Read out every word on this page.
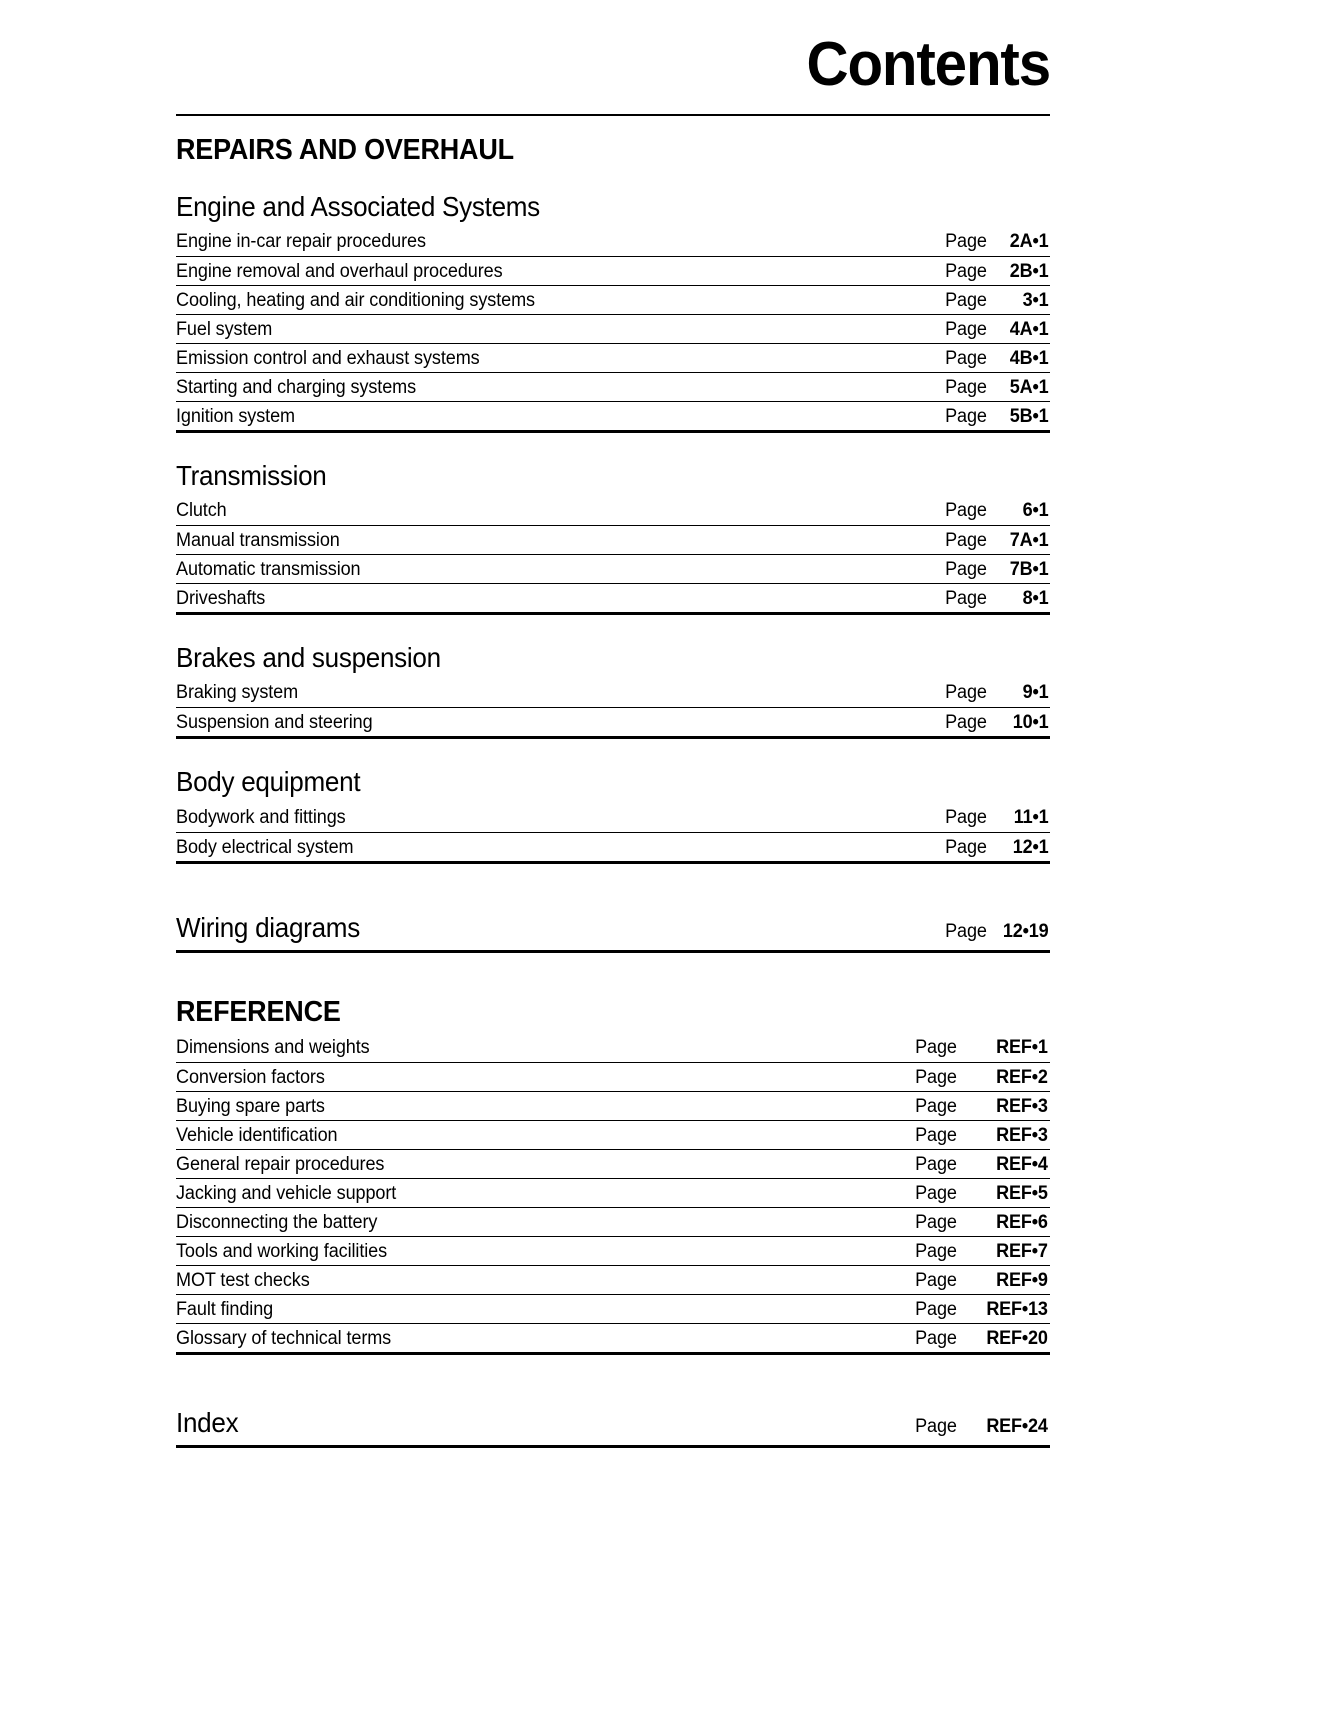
Contents
REPAIRS AND OVERHAUL
Engine and Associated Systems
Engine in-car repair procedures	Page	2A•1
Engine removal and overhaul procedures	Page	2B•1
Cooling, heating and air conditioning systems	Page	3•1
Fuel system	Page	4A•1
Emission control and exhaust systems	Page	4B•1
Starting and charging systems	Page	5A•1
Ignition system	Page	5B•1
Transmission
Clutch	Page	6•1
Manual transmission	Page	7A•1
Automatic transmission	Page	7B•1
Driveshafts	Page	8•1
Brakes and suspension
Braking system	Page	9•1
Suspension and steering	Page	10•1
Body equipment
Bodywork and fittings	Page	11•1
Body electrical system	Page	12•1
Wiring diagrams	Page 12•19
REFERENCE
Dimensions and weights	Page	REF•1
Conversion factors	Page	REF•2
Buying spare parts	Page	REF•3
Vehicle identification	Page	REF•3
General repair procedures	Page	REF•4
Jacking and vehicle support	Page	REF•5
Disconnecting the battery	Page	REF•6
Tools and working facilities	Page	REF•7
MOT test checks	Page	REF•9
Fault finding	Page	REF•13
Glossary of technical terms	Page	REF•20
Index	Page	REF•24
